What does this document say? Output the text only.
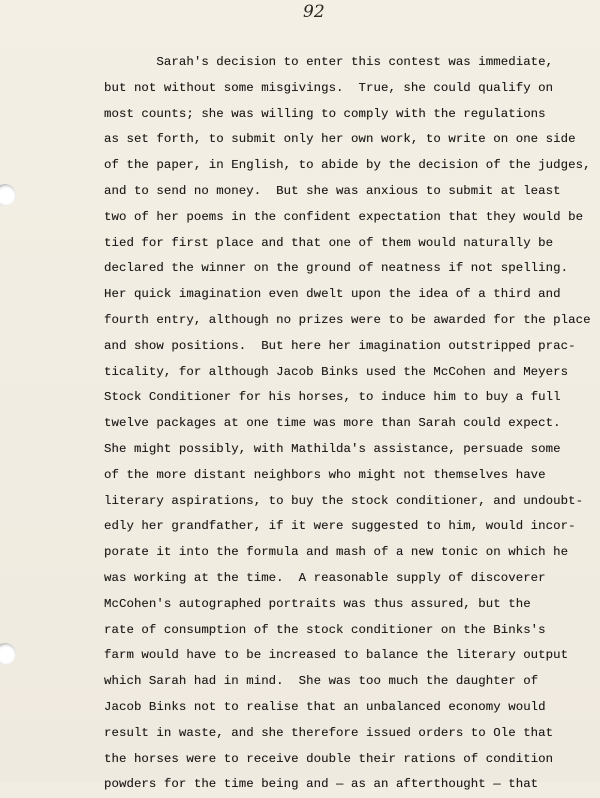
92
Sarah's decision to enter this contest was immediate,
but not without some misgivings.  True, she could qualify on
most counts; she was willing to comply with the regulations
as set forth, to submit only her own work, to write on one side
of the paper, in English, to abide by the decision of the judges,
and to send no money.  But she was anxious to submit at least
two of her poems in the confident expectation that they would be
tied for first place and that one of them would naturally be
declared the winner on the ground of neatness if not spelling.
Her quick imagination even dwelt upon the idea of a third and
fourth entry, although no prizes were to be awarded for the place
and show positions.  But here her imagination outstripped prac-
ticality, for although Jacob Binks used the McCohen and Meyers
Stock Conditioner for his horses, to induce him to buy a full
twelve packages at one time was more than Sarah could expect.
She might possibly, with Mathilda's assistance, persuade some
of the more distant neighbors who might not themselves have
literary aspirations, to buy the stock conditioner, and undoubt-
edly her grandfather, if it were suggested to him, would incor-
porate it into the formula and mash of a new tonic on which he
was working at the time.  A reasonable supply of discoverer
McCohen's autographed portraits was thus assured, but the
rate of consumption of the stock conditioner on the Binks's
farm would have to be increased to balance the literary output
which Sarah had in mind.  She was too much the daughter of
Jacob Binks not to realise that an unbalanced economy would
result in waste, and she therefore issued orders to Ole that
the horses were to receive double their rations of condition
powders for the time being and — as an afterthought — that
